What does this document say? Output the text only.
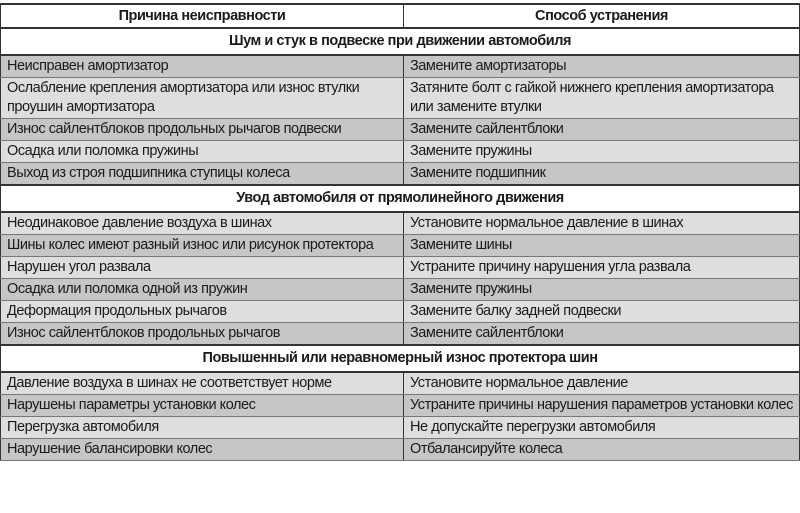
Причина неисправности	Способ устранения
Шум и стук в подвеске при движении автомобиля	
Неисправен амортизатор	Замените амортизаторы
Ослабление крепления амортизатора или износ втулки проушин амортизатора	Затяните болт с гайкой нижнего крепления амортизатора или замените втулки
Износ сайлентблоков продольных рычагов подвески	Замените сайлентблоки
Осадка или поломка пружины	Замените пружины
Выход из строя подшипника ступицы колеса	Замените подшипник
Увод автомобиля от прямолинейного движения	
Неодинаковое давление воздуха в шинах	Установите нормальное давление в шинах
Шины колес имеют разный износ или рисунок протектора	Замените шины
Нарушен угол развала	Устраните причину нарушения угла развала
Осадка или поломка одной из пружин	Замените пружины
Деформация продольных рычагов	Замените балку задней подвески
Износ сайлентблоков продольных рычагов	Замените сайлентблоки
Повышенный или неравномерный износ протектора шин	
Давление воздуха в шинах не соответствует норме	Установите нормальное давление
Нарушены параметры установки колес	Устраните причины нарушения параметров установки колес
Перегрузка автомобиля	Не допускайте перегрузки автомобиля
Нарушение балансировки колес	Отбалансируйте колеса
